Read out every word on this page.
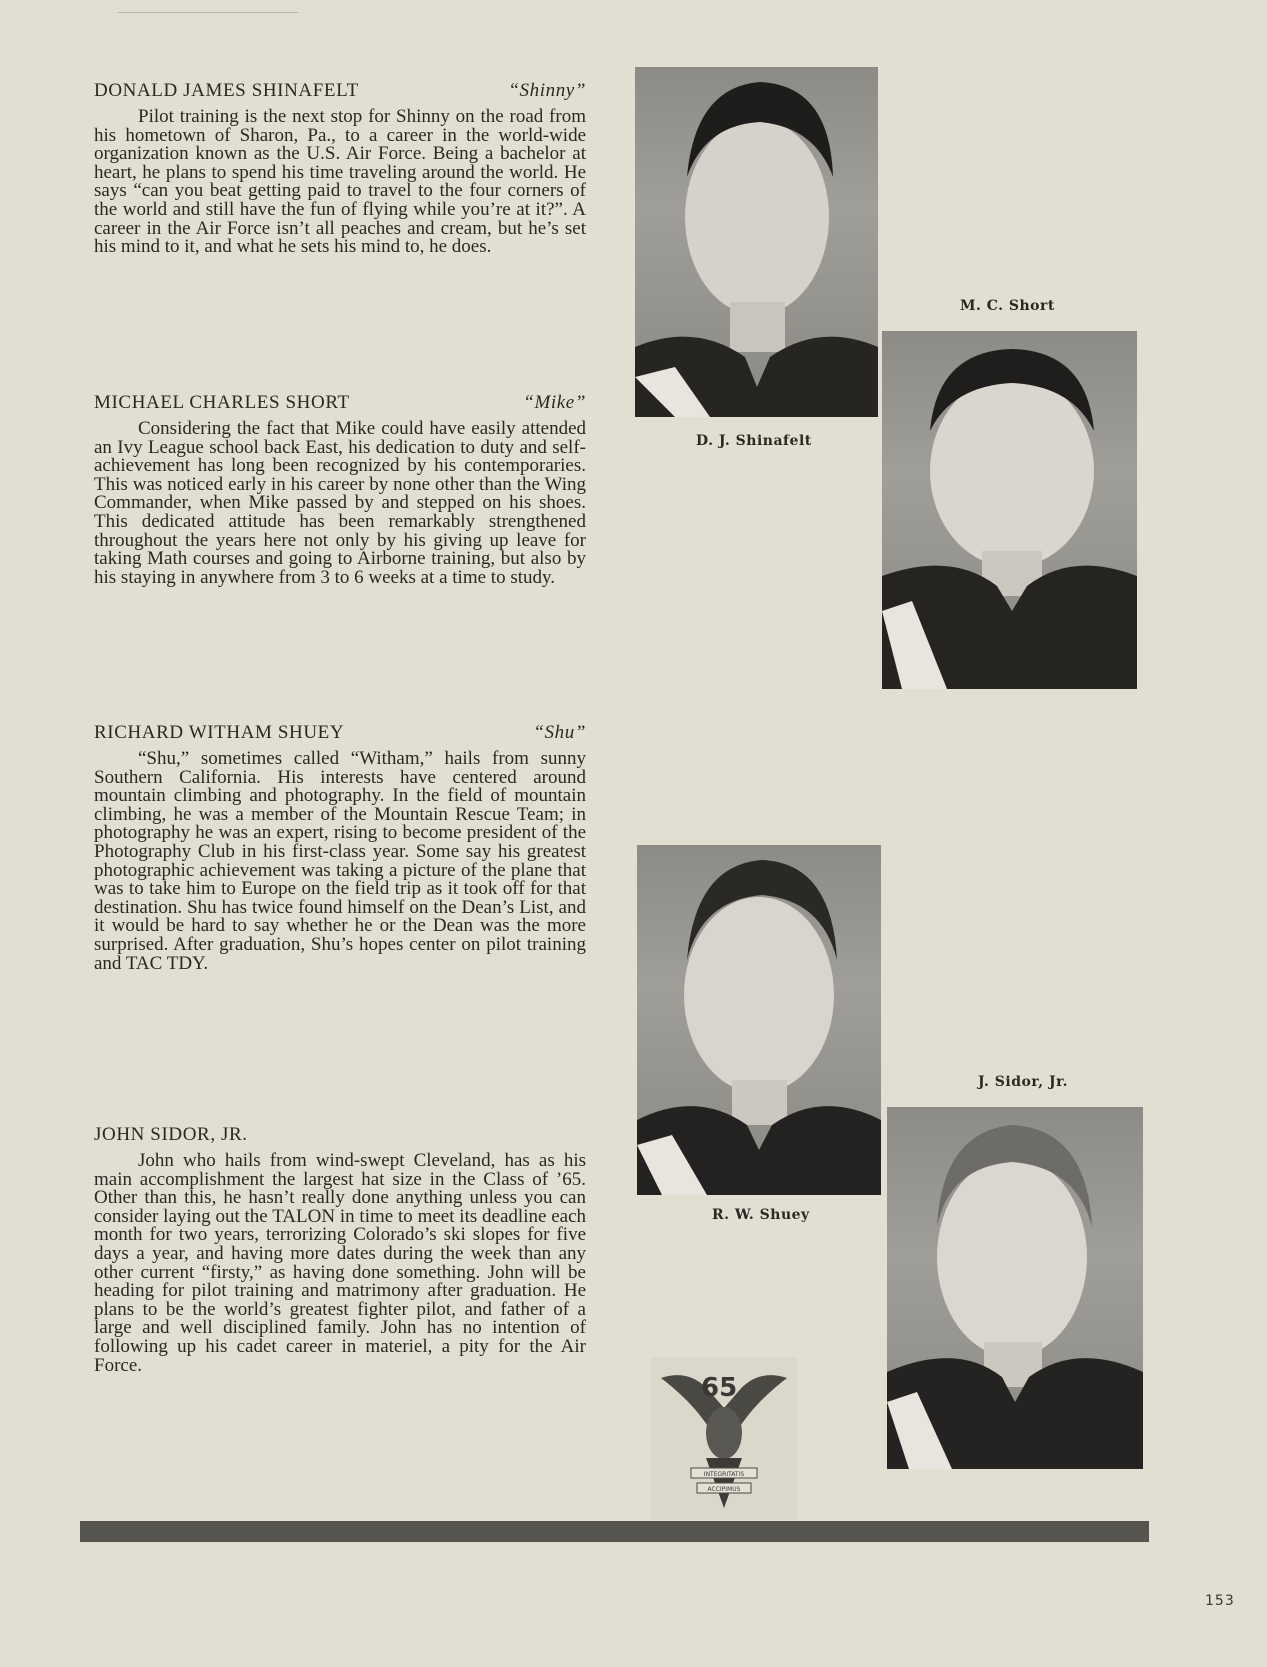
DONALD JAMES SHINAFELT	“Shinny”

Pilot training is the next stop for Shinny on the road from his hometown of Sharon, Pa., to a career in the world-wide organization known as the U.S. Air Force. Being a bachelor at heart, he plans to spend his time traveling around the world. He says “can you beat getting paid to travel to the four corners of the world and still have the fun of flying while you’re at it?”. A career in the Air Force isn’t all peaches and cream, but he’s set his mind to it, and what he sets his mind to, he does.

MICHAEL CHARLES SHORT	“Mike”

Considering the fact that Mike could have easily attended an Ivy League school back East, his dedication to duty and self-achievement has long been recognized by his contemporaries. This was noticed early in his career by none other than the Wing Commander, when Mike passed by and stepped on his shoes. This dedicated attitude has been remarkably strengthened throughout the years here not only by his giving up leave for taking Math courses and going to Airborne training, but also by his staying in anywhere from 3 to 6 weeks at a time to study.

RICHARD WITHAM SHUEY	“Shu”

“Shu,” sometimes called “Witham,” hails from sunny Southern California. His interests have centered around mountain climbing and photography. In the field of mountain climbing, he was a member of the Mountain Rescue Team; in photography he was an expert, rising to become president of the Photography Club in his first-class year. Some say his greatest photographic achievement was taking a picture of the plane that was to take him to Europe on the field trip as it took off for that destination. Shu has twice found himself on the Dean’s List, and it would be hard to say whether he or the Dean was the more surprised. After graduation, Shu’s hopes center on pilot training and TAC TDY.

JOHN SIDOR, JR.

John who hails from wind-swept Cleveland, has as his main accomplishment the largest hat size in the Class of ’65. Other than this, he hasn’t really done anything unless you can consider laying out the TALON in time to meet its deadline each month for two years, terrorizing Colorado’s ski slopes for five days a year, and having more dates during the week than any other current “firsty,” as having done something. John will be heading for pilot training and matrimony after graduation. He plans to be the world’s greatest fighter pilot, and father of a large and well disciplined family. John has no intention of following up his cadet career in materiel, a pity for the Air Force.

D. J. Shinafelt
M. C. Short
R. W. Shuey
J. Sidor, Jr.
65
INTEGRITATIS
ACCIPIMUS
153
